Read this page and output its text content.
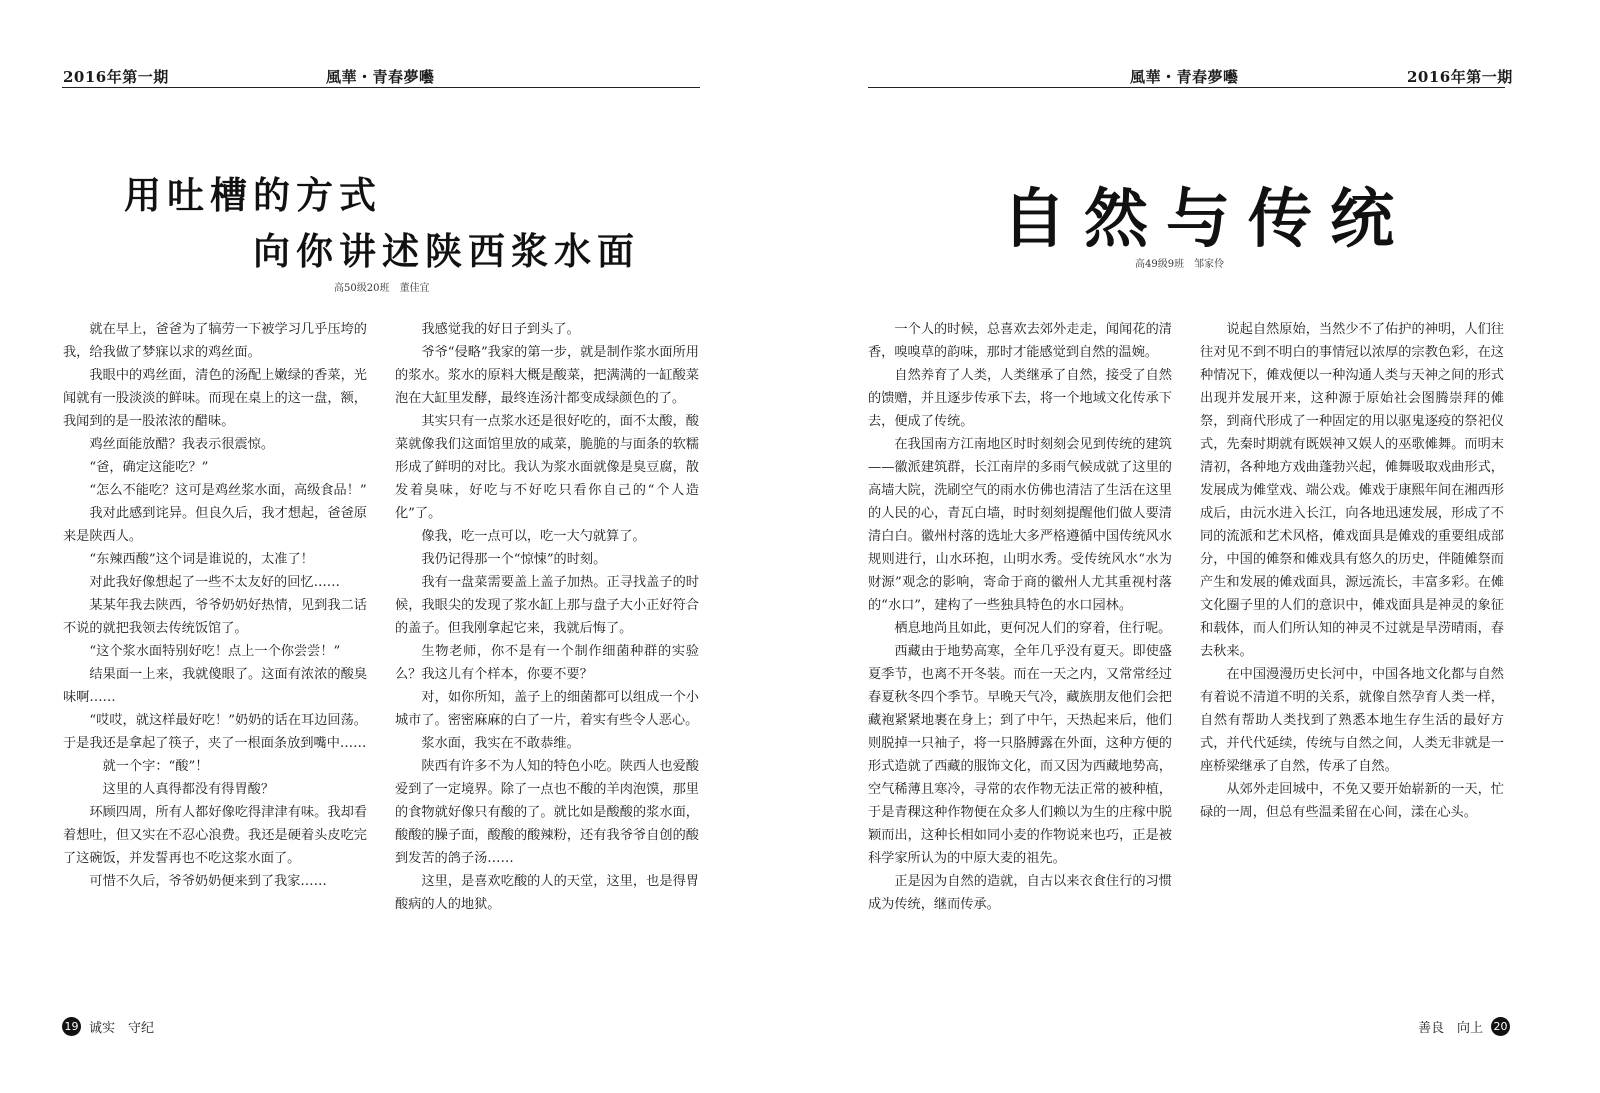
2016年第一期	風華・青春夢囈
用吐槽的方式
向你讲述陕西浆水面
高50级20班　董佳宜

就在早上，爸爸为了犒劳一下被学习几乎压垮的我，给我做了梦寐以求的鸡丝面。

我眼中的鸡丝面，清色的汤配上嫩绿的香菜，光闻就有一股淡淡的鲜味。而现在桌上的这一盘，额，我闻到的是一股浓浓的醋味。

鸡丝面能放醋？我表示很震惊。

“爸，确定这能吃？”

“怎么不能吃？这可是鸡丝浆水面，高级食品！”

我对此感到诧异。但良久后，我才想起，爸爸原来是陕西人。

“东辣西酸”这个词是谁说的，太准了！

对此我好像想起了一些不太友好的回忆……

某某年我去陕西，爷爷奶奶好热情，见到我二话不说的就把我领去传统饭馆了。

“这个浆水面特别好吃！点上一个你尝尝！”

结果面一上来，我就傻眼了。这面有浓浓的酸臭味啊……

“哎哎，就这样最好吃！”奶奶的话在耳边回荡。于是我还是拿起了筷子，夹了一根面条放到嘴中……

就一个字：“酸”！

这里的人真得都没有得胃酸？

环顾四周，所有人都好像吃得津津有味。我却看着想吐，但又实在不忍心浪费。我还是硬着头皮吃完了这碗饭，并发誓再也不吃这浆水面了。

可惜不久后，爷爷奶奶便来到了我家……

我感觉我的好日子到头了。

爷爷“侵略”我家的第一步，就是制作浆水面所用的浆水。浆水的原料大概是酸菜，把满满的一缸酸菜泡在大缸里发酵，最终连汤汁都变成绿颜色的了。

其实只有一点浆水还是很好吃的，面不太酸，酸菜就像我们这面馆里放的咸菜，脆脆的与面条的软糯形成了鲜明的对比。我认为浆水面就像是臭豆腐，散发着臭味，好吃与不好吃只看你自己的“个人造化”了。

像我，吃一点可以，吃一大勺就算了。

我仍记得那一个“惊悚”的时刻。

我有一盘菜需要盖上盖子加热。正寻找盖子的时候，我眼尖的发现了浆水缸上那与盘子大小正好符合的盖子。但我刚拿起它来，我就后悔了。

生物老师，你不是有一个制作细菌种群的实验么？我这儿有个样本，你要不要？

对，如你所知，盖子上的细菌都可以组成一个小城市了。密密麻麻的白了一片，着实有些令人恶心。

浆水面，我实在不敢恭维。

陕西有许多不为人知的特色小吃。陕西人也爱酸爱到了一定境界。除了一点也不酸的羊肉泡馍，那里的食物就好像只有酸的了。就比如是酸酸的浆水面，酸酸的臊子面，酸酸的酸辣粉，还有我爷爷自创的酸到发苦的鸽子汤……

这里，是喜欢吃酸的人的天堂，这里，也是得胃酸病的人的地狱。

19 诚实　守纪
風華・青春夢囈	2016年第一期
自然与传统
高49级9班　邹家伶

一个人的时候，总喜欢去郊外走走，闻闻花的清香，嗅嗅草的韵味，那时才能感觉到自然的温婉。

自然养育了人类，人类继承了自然，接受了自然的馈赠，并且逐步传承下去，将一个地域文化传承下去，便成了传统。

在我国南方江南地区时时刻刻会见到传统的建筑——徽派建筑群，长江南岸的多雨气候成就了这里的高墙大院，洗刷空气的雨水仿佛也清洁了生活在这里的人民的心，青瓦白墙，时时刻刻提醒他们做人要清清白白。徽州村落的选址大多严格遵循中国传统风水规则进行，山水环抱，山明水秀。受传统风水“水为财源”观念的影响，寄命于商的徽州人尤其重视村落的“水口”，建构了一些独具特色的水口园林。

栖息地尚且如此，更何况人们的穿着，住行呢。

西藏由于地势高寒，全年几乎没有夏天。即使盛夏季节，也离不开冬装。而在一天之内，又常常经过春夏秋冬四个季节。早晚天气冷，藏族朋友他们会把藏袍紧紧地裹在身上；到了中午，天热起来后，他们则脱掉一只袖子，将一只胳膊露在外面，这种方便的形式造就了西藏的服饰文化，而又因为西藏地势高，空气稀薄且寒冷，寻常的农作物无法正常的被种植，于是青稞这种作物便在众多人们赖以为生的庄稼中脱颖而出，这种长相如同小麦的作物说来也巧，正是被科学家所认为的中原大麦的祖先。

正是因为自然的造就，自古以来衣食住行的习惯成为传统，继而传承。

说起自然原始，当然少不了佑护的神明，人们往往对见不到不明白的事情冠以浓厚的宗教色彩，在这种情况下，傩戏便以一种沟通人类与天神之间的形式出现并发展开来，这种源于原始社会图腾崇拜的傩祭，到商代形成了一种固定的用以驱鬼逐疫的祭祀仪式，先秦时期就有既娱神又娱人的巫歌傩舞。而明末清初，各种地方戏曲蓬勃兴起，傩舞吸取戏曲形式，发展成为傩堂戏、端公戏。傩戏于康熙年间在湘西形成后，由沅水进入长江，向各地迅速发展，形成了不同的流派和艺术风格，傩戏面具是傩戏的重要组成部分，中国的傩祭和傩戏具有悠久的历史，伴随傩祭而产生和发展的傩戏面具，源远流长，丰富多彩。在傩文化圈子里的人们的意识中，傩戏面具是神灵的象征和载体，而人们所认知的神灵不过就是旱涝晴雨，春去秋来。

在中国漫漫历史长河中，中国各地文化都与自然有着说不清道不明的关系，就像自然孕育人类一样，自然有帮助人类找到了熟悉本地生存生活的最好方式，并代代延续，传统与自然之间，人类无非就是一座桥梁继承了自然，传承了自然。

从郊外走回城中，不免又要开始崭新的一天，忙碌的一周，但总有些温柔留在心间，漾在心头。

善良　向上 20
